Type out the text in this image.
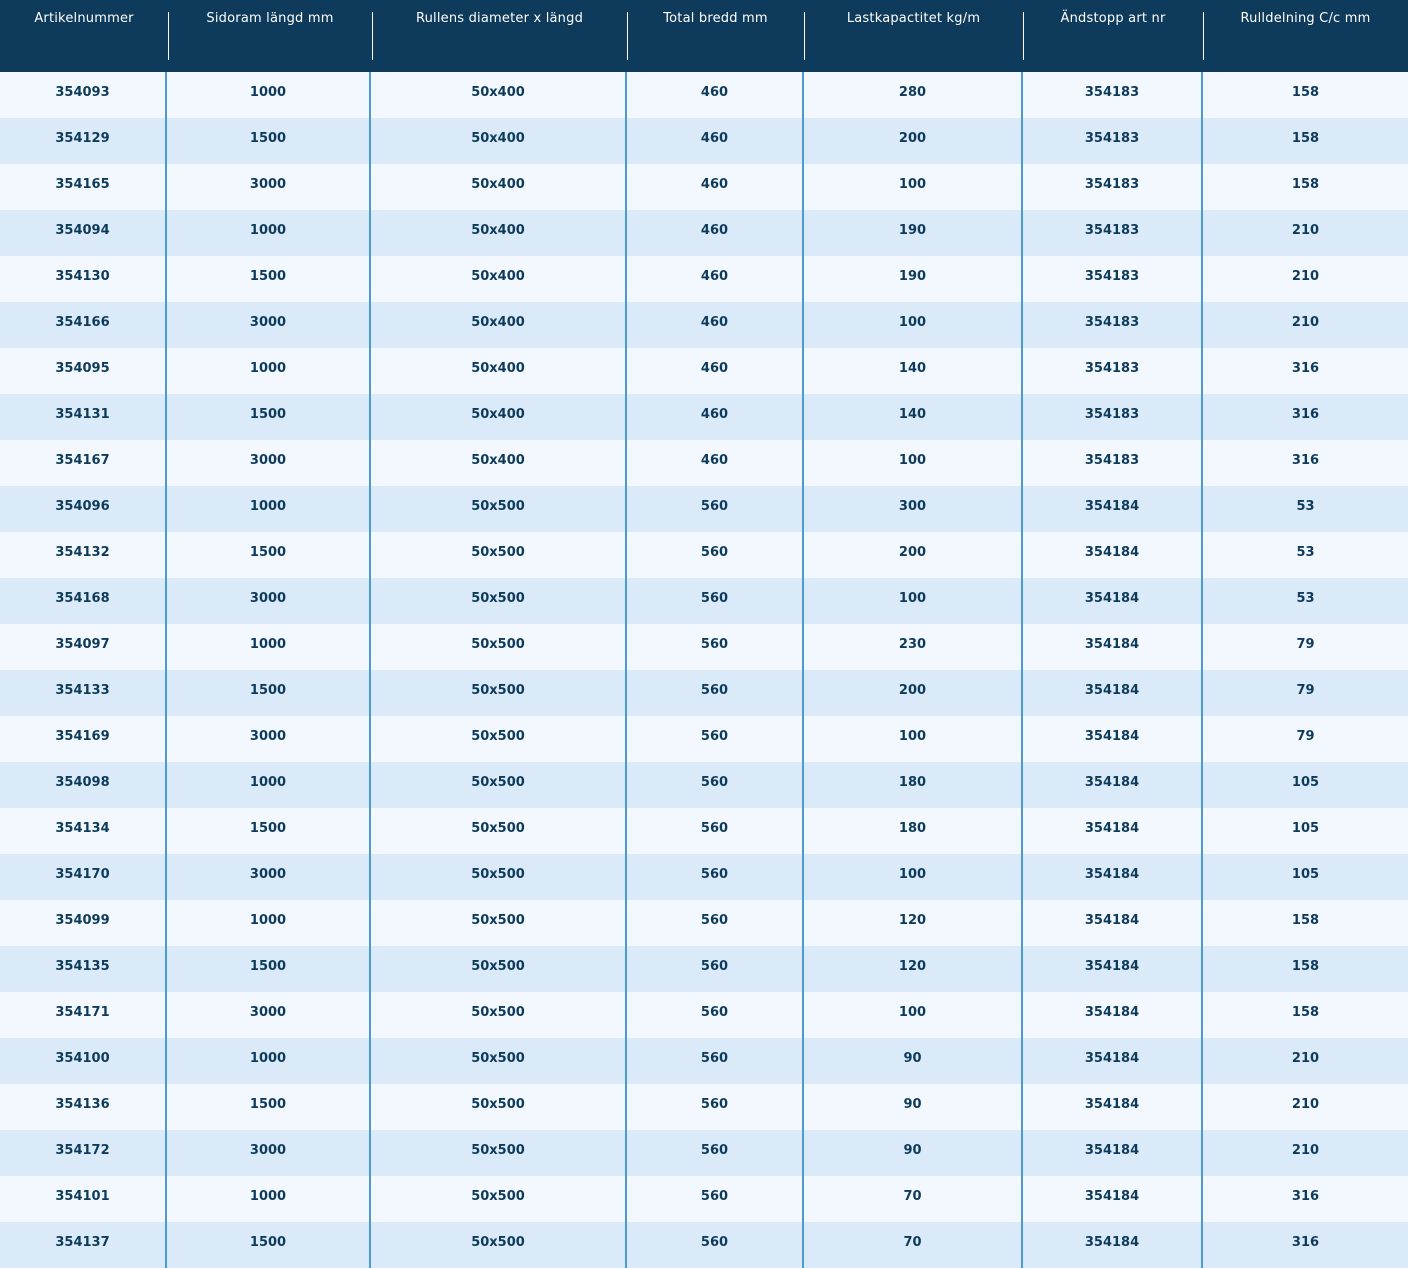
Artikelnummer	Sidoram längd mm	Rullens diameter x längd	Total bredd mm	Lastkapactitet kg/m	Ändstopp art nr	Rulldelning C/c mm
354093	1000	50x400	460	280	354183	158
354129	1500	50x400	460	200	354183	158
354165	3000	50x400	460	100	354183	158
354094	1000	50x400	460	190	354183	210
354130	1500	50x400	460	190	354183	210
354166	3000	50x400	460	100	354183	210
354095	1000	50x400	460	140	354183	316
354131	1500	50x400	460	140	354183	316
354167	3000	50x400	460	100	354183	316
354096	1000	50x500	560	300	354184	53
354132	1500	50x500	560	200	354184	53
354168	3000	50x500	560	100	354184	53
354097	1000	50x500	560	230	354184	79
354133	1500	50x500	560	200	354184	79
354169	3000	50x500	560	100	354184	79
354098	1000	50x500	560	180	354184	105
354134	1500	50x500	560	180	354184	105
354170	3000	50x500	560	100	354184	105
354099	1000	50x500	560	120	354184	158
354135	1500	50x500	560	120	354184	158
354171	3000	50x500	560	100	354184	158
354100	1000	50x500	560	90	354184	210
354136	1500	50x500	560	90	354184	210
354172	3000	50x500	560	90	354184	210
354101	1000	50x500	560	70	354184	316
354137	1500	50x500	560	70	354184	316
